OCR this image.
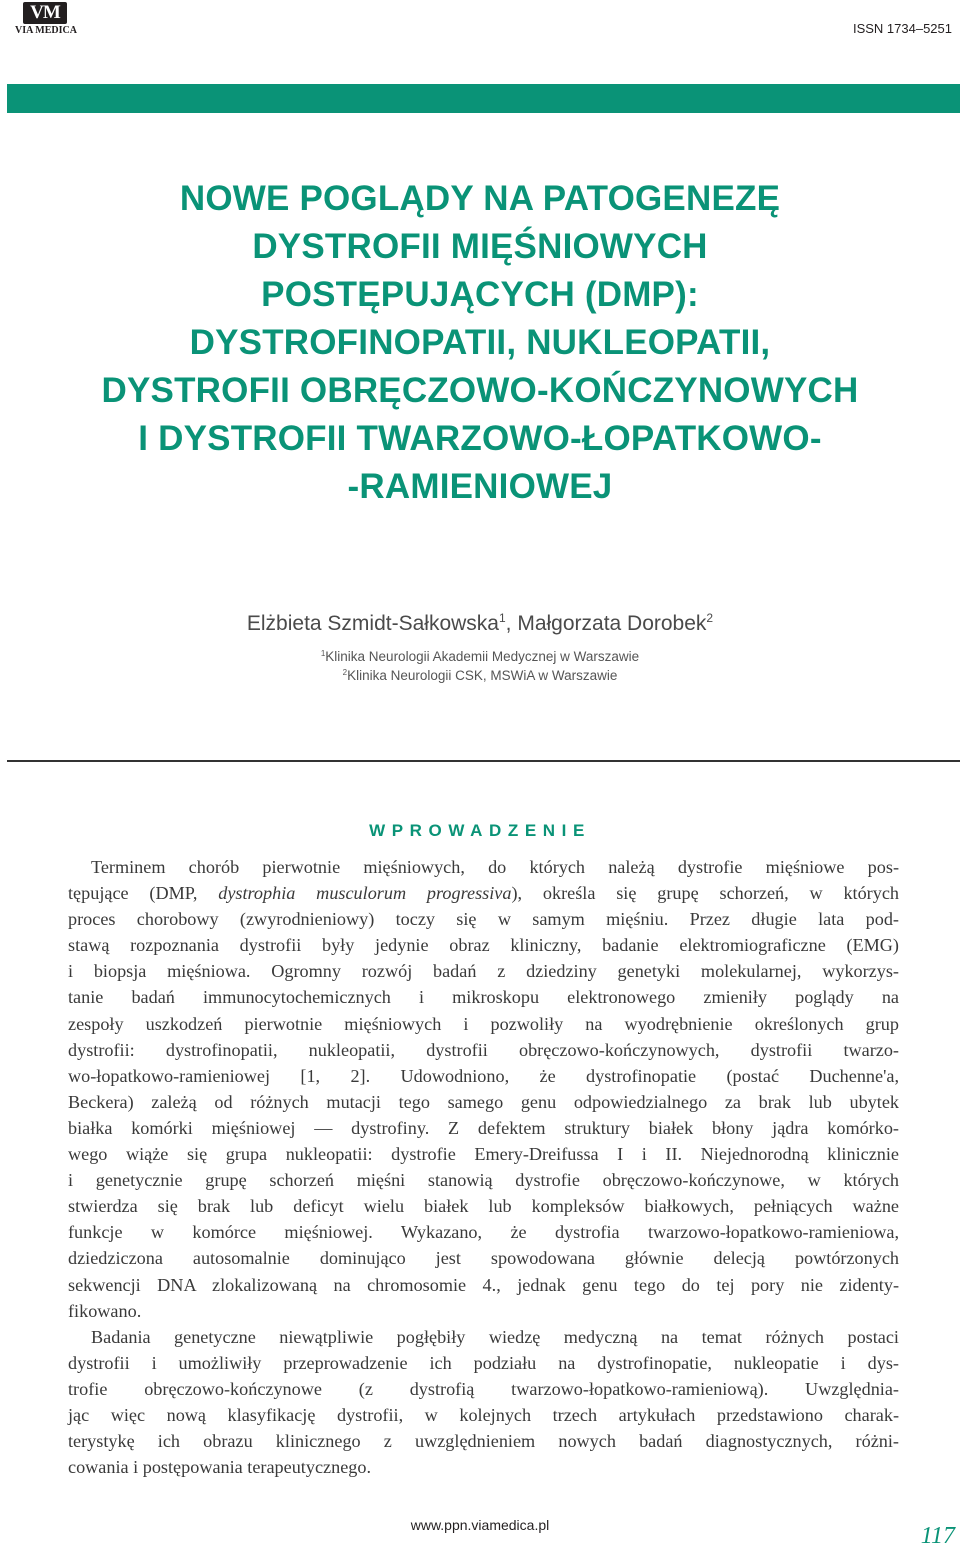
VM
VIA MEDICA	ISSN 1734–5251
NOWE POGLĄDY NA PATOGENEZĘ
DYSTROFII MIĘŚNIOWYCH
POSTĘPUJĄCYCH (DMP):
DYSTROFINOPATII, NUKLEOPATII,
DYSTROFII OBRĘCZOWO-KOŃCZYNOWYCH
I DYSTROFII TWARZOWO-ŁOPATKOWO-
-RAMIENIOWEJ
Elżbieta Szmidt-Sałkowska$^1$, Małgorzata Dorobek$^2$
$^1$Klinika Neurologii Akademii Medycznej w Warszawie
$^2$Klinika Neurologii CSK, MSWiA w Warszawie
WPROWADZENIE
Terminem chorób pierwotnie mięśniowych, do których należą dystrofie mięśniowe pos-
tępujące (DMP, dystrophia musculorum progressiva), określa się grupę schorzeń, w których
proces chorobowy (zwyrodnieniowy) toczy się w samym mięśniu. Przez długie lata pod-
stawą rozpoznania dystrofii były jedynie obraz kliniczny, badanie elektromiograficzne (EMG)
i biopsja mięśniowa. Ogromny rozwój badań z dziedziny genetyki molekularnej, wykorzys-
tanie badań immunocytochemicznych i mikroskopu elektronowego zmieniły poglądy na
zespoły uszkodzeń pierwotnie mięśniowych i pozwoliły na wyodrębnienie określonych grup
dystrofii: dystrofinopatii, nukleopatii, dystrofii obręczowo-kończynowych, dystrofii twarzo-
wo-łopatkowo-ramieniowej [1, 2]. Udowodniono, że dystrofinopatie (postać Duchenne'a,
Beckera) zależą od różnych mutacji tego samego genu odpowiedzialnego za brak lub ubytek
białka komórki mięśniowej — dystrofiny. Z defektem struktury białek błony jądra komórko-
wego wiąże się grupa nukleopatii: dystrofie Emery-Dreifussa I i II. Niejednorodną klinicznie
i genetycznie grupę schorzeń mięśni stanowią dystrofie obręczowo-kończynowe, w których
stwierdza się brak lub deficyt wielu białek lub kompleksów białkowych, pełniących ważne
funkcje w komórce mięśniowej. Wykazano, że dystrofia twarzowo-łopatkowo-ramieniowa,
dziedziczona autosomalnie dominująco jest spowodowana głównie delecją powtórzonych
sekwencji DNA zlokalizowaną na chromosomie 4., jednak genu tego do tej pory nie zidenty-
fikowano.
Badania genetyczne niewątpliwie pogłębiły wiedzę medyczną na temat różnych postaci
dystrofii i umożliwiły przeprowadzenie ich podziału na dystrofinopatie, nukleopatie i dys-
trofie obręczowo-kończynowe (z dystrofią twarzowo-łopatkowo-ramieniową). Uwzględnia-
jąc więc nową klasyfikację dystrofii, w kolejnych trzech artykułach przedstawiono charak-
terystykę ich obrazu klinicznego z uwzględnieniem nowych badań diagnostycznych, różni-
cowania i postępowania terapeutycznego.
www.ppn.viamedica.pl	117
